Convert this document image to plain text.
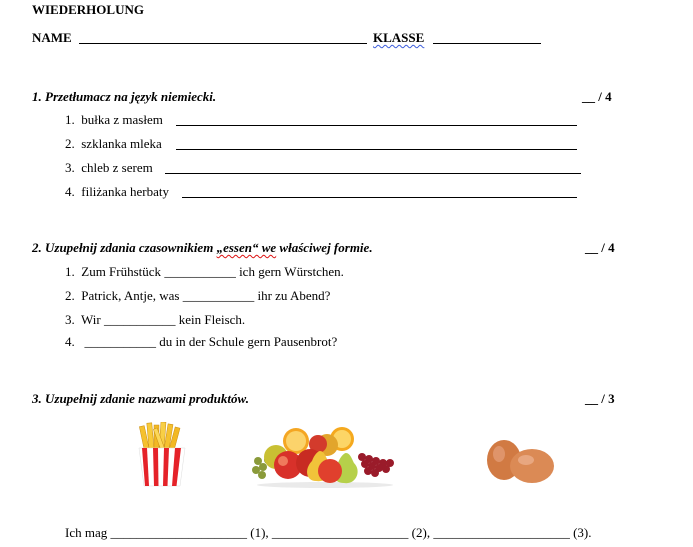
WIEDERHOLUNG
NAME	KLASSE
1. Przetłumacz na język niemiecki.	__ / 4
1. bułka z masłem
2. szklanka mleka
3. chleb z serem
4. filiżanka herbaty
2. Uzupełnij zdania czasownikiem „essen“ we właściwej formie.	__ / 4
1. Zum Frühstück ___________ ich gern Würstchen.
2. Patrick, Antje, was ___________ ihr zu Abend?
3. Wir ___________ kein Fleisch.
4. ___________ du in der Schule gern Pausenbrot?
3. Uzupełnij zdanie nazwami produktów.	__ / 3
Ich mag _____________________ (1), _____________________ (2), _____________________ (3).
